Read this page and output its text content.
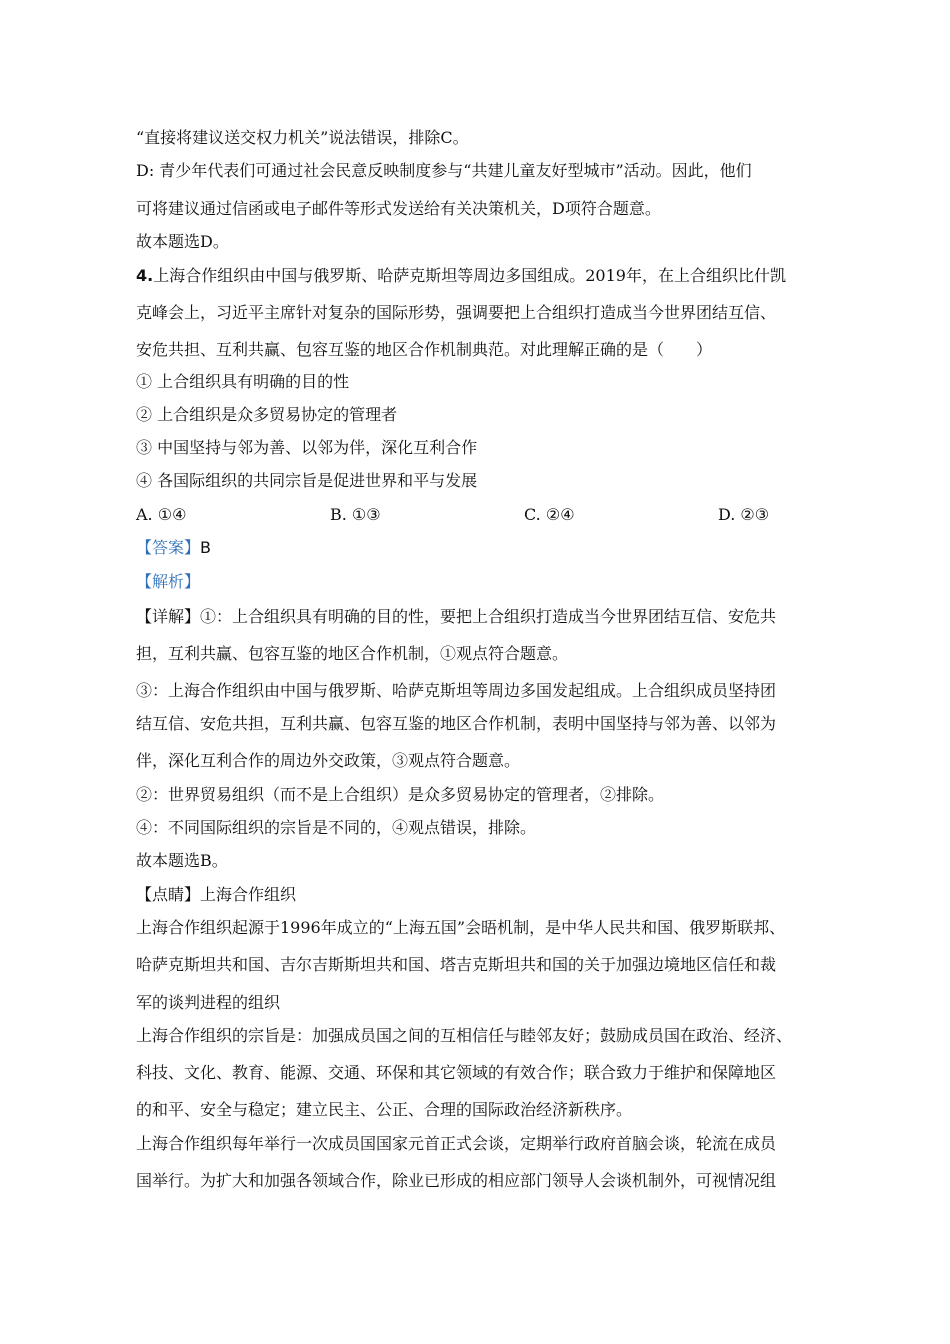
“直接将建议送交权力机关”说法错误，排除C。

D: 青少年代表们可通过社会民意反映制度参与“共建儿童友好型城市”活动。因此，他们

可将建议通过信函或电子邮件等形式发送给有关决策机关，D项符合题意。

故本题选D。

4.上海合作组织由中国与俄罗斯、哈萨克斯坦等周边多国组成。2019年，在上合组织比什凯

克峰会上，习近平主席针对复杂的国际形势，强调要把上合组织打造成当今世界团结互信、

安危共担、互利共赢、包容互鉴的地区合作机制典范。对此理解正确的是（　　）

① 上合组织具有明确的目的性

② 上合组织是众多贸易协定的管理者

③ 中国坚持与邻为善、以邻为伴，深化互利合作

④ 各国际组织的共同宗旨是促进世界和平与发展

A. ①④	B. ①③	C. ②④	D. ②③

【答案】B

【解析】

【详解】①：上合组织具有明确的目的性，要把上合组织打造成当今世界团结互信、安危共

担，互利共赢、包容互鉴的地区合作机制，①观点符合题意。

③：上海合作组织由中国与俄罗斯、哈萨克斯坦等周边多国发起组成。上合组织成员坚持团

结互信、安危共担，互利共赢、包容互鉴的地区合作机制，表明中国坚持与邻为善、以邻为

伴，深化互利合作的周边外交政策，③观点符合题意。

②：世界贸易组织（而不是上合组织）是众多贸易协定的管理者，②排除。

④：不同国际组织的宗旨是不同的，④观点错误，排除。

故本题选B。

【点睛】上海合作组织

上海合作组织起源于1996年成立的“上海五国”会晤机制，是中华人民共和国、俄罗斯联邦、

哈萨克斯坦共和国、吉尔吉斯斯坦共和国、塔吉克斯坦共和国的关于加强边境地区信任和裁

军的谈判进程的组织

上海合作组织的宗旨是：加强成员国之间的互相信任与睦邻友好；鼓励成员国在政治、经济、

科技、文化、教育、能源、交通、环保和其它领域的有效合作；联合致力于维护和保障地区

的和平、安全与稳定；建立民主、公正、合理的国际政治经济新秩序。

上海合作组织每年举行一次成员国国家元首正式会谈，定期举行政府首脑会谈，轮流在成员

国举行。为扩大和加强各领域合作，除业已形成的相应部门领导人会谈机制外，可视情况组
